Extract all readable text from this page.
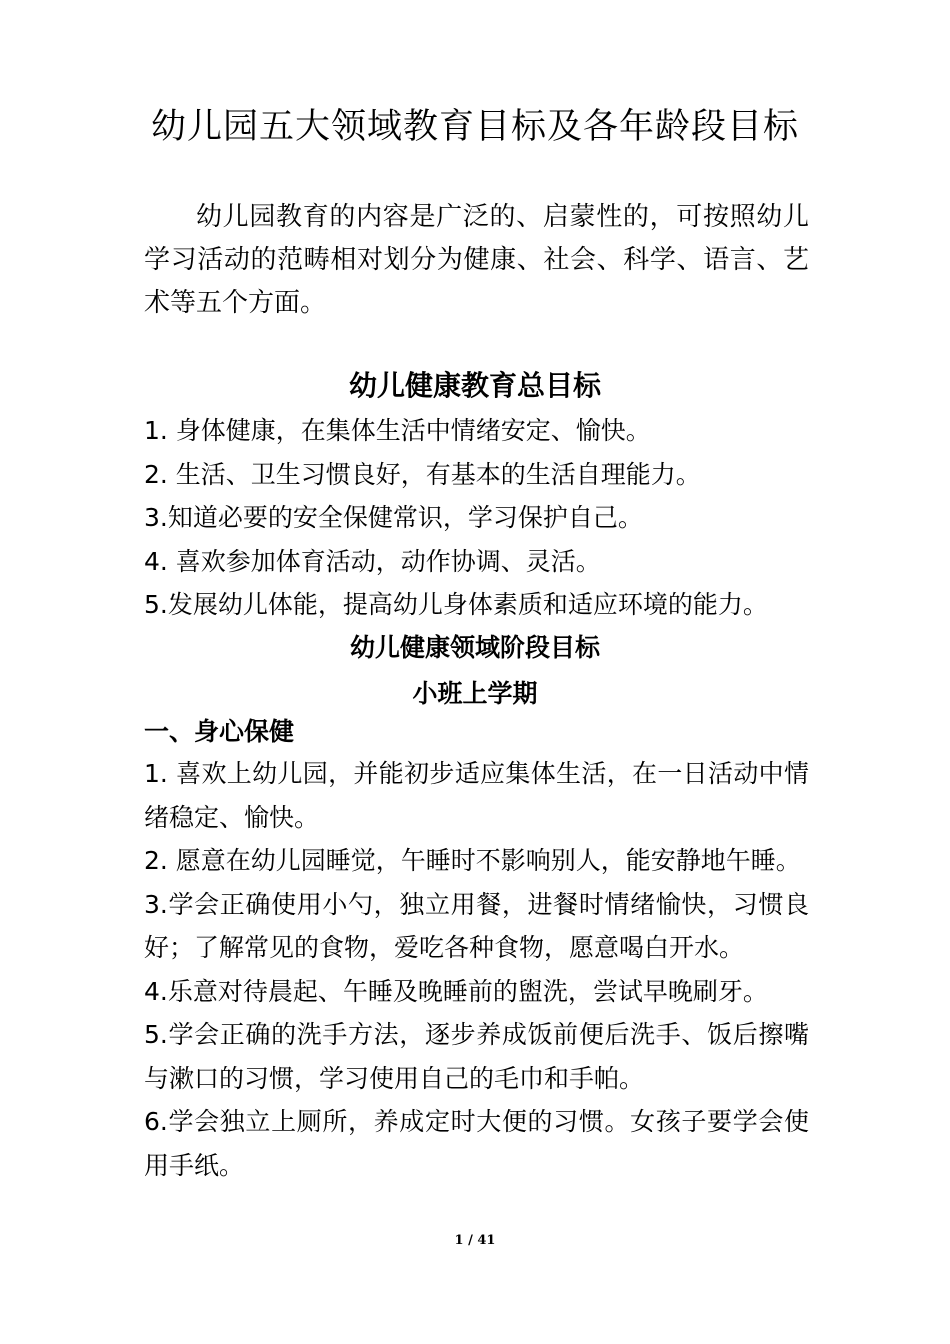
幼儿园五大领域教育目标及各年龄段目标
幼儿园教育的内容是广泛的、启蒙性的，可按照幼儿学习活动的范畴相对划分为健康、社会、科学、语言、艺术等五个方面。
幼儿健康教育总目标
1. 身体健康，在集体生活中情绪安定、愉快。
2. 生活、卫生习惯良好，有基本的生活自理能力。
3.知道必要的安全保健常识，学习保护自己。
4. 喜欢参加体育活动，动作协调、灵活。
5.发展幼儿体能，提高幼儿身体素质和适应环境的能力。
幼儿健康领域阶段目标
小班上学期
一、身心保健
1. 喜欢上幼儿园，并能初步适应集体生活，在一日活动中情绪稳定、愉快。
2. 愿意在幼儿园睡觉，午睡时不影响别人，能安静地午睡。
3.学会正确使用小勺，独立用餐，进餐时情绪愉快，习惯良好；了解常见的食物，爱吃各种食物，愿意喝白开水。
4.乐意对待晨起、午睡及晚睡前的盥洗，尝试早晚刷牙。
5.学会正确的洗手方法，逐步养成饭前便后洗手、饭后擦嘴与漱口的习惯，学习使用自己的毛巾和手帕。
6.学会独立上厕所，养成定时大便的习惯。女孩子要学会使用手纸。
1 / 41
